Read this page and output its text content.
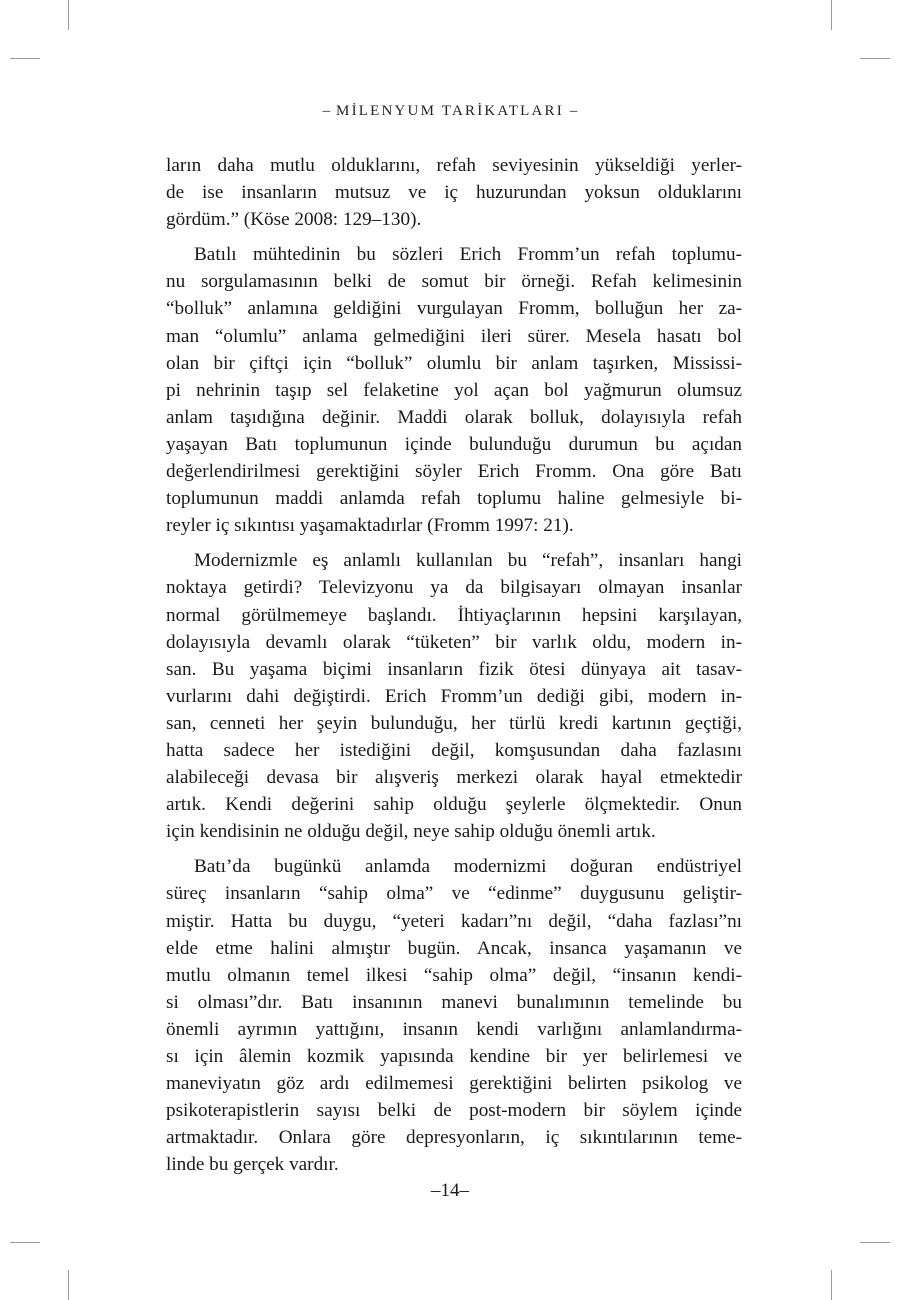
– MİLENYUM TARİKATLARI –

ların daha mutlu olduklarını, refah seviyesinin yükseldiği yerler-
de ise insanların mutsuz ve iç huzurundan yoksun olduklarını
gördüm.” (Köse 2008: 129–130).

Batılı mühtedinin bu sözleri Erich Fromm’un refah toplumu-
nu sorgulamasının belki de somut bir örneği. Refah kelimesinin
“bolluk” anlamına geldiğini vurgulayan Fromm, bolluğun her za-
man “olumlu” anlama gelmediğini ileri sürer. Mesela hasatı bol
olan bir çiftçi için “bolluk” olumlu bir anlam taşırken, Mississi-
pi nehrinin taşıp sel felaketine yol açan bol yağmurun olumsuz
anlam taşıdığına değinir. Maddi olarak bolluk, dolayısıyla refah
yaşayan Batı toplumunun içinde bulunduğu durumun bu açıdan
değerlendirilmesi gerektiğini söyler Erich Fromm. Ona göre Batı
toplumunun maddi anlamda refah toplumu haline gelmesiyle bi-
reyler iç sıkıntısı yaşamaktadırlar (Fromm 1997: 21).

Modernizmle eş anlamlı kullanılan bu “refah”, insanları hangi
noktaya getirdi? Televizyonu ya da bilgisayarı olmayan insanlar
normal görülmemeye başlandı. İhtiyaçlarının hepsini karşılayan,
dolayısıyla devamlı olarak “tüketen” bir varlık oldu, modern in-
san. Bu yaşama biçimi insanların fizik ötesi dünyaya ait tasav-
vurlarını dahi değiştirdi. Erich Fromm’un dediği gibi, modern in-
san, cenneti her şeyin bulunduğu, her türlü kredi kartının geçtiği,
hatta sadece her istediğini değil, komşusundan daha fazlasını
alabileceği devasa bir alışveriş merkezi olarak hayal etmektedir
artık. Kendi değerini sahip olduğu şeylerle ölçmektedir. Onun
için kendisinin ne olduğu değil, neye sahip olduğu önemli artık.

Batı’da bugünkü anlamda modernizmi doğuran endüstriyel
süreç insanların “sahip olma” ve “edinme” duygusunu geliştir-
miştir. Hatta bu duygu, “yeteri kadarı”nı değil, “daha fazlası”nı
elde etme halini almıştır bugün. Ancak, insanca yaşamanın ve
mutlu olmanın temel ilkesi “sahip olma” değil, “insanın kendi-
si olması”dır. Batı insanının manevi bunalımının temelinde bu
önemli ayrımın yattığını, insanın kendi varlığını anlamlandırma-
sı için âlemin kozmik yapısında kendine bir yer belirlemesi ve
maneviyatın göz ardı edilmemesi gerektiğini belirten psikolog ve
psikoterapistlerin sayısı belki de post-modern bir söylem içinde
artmaktadır. Onlara göre depresyonların, iç sıkıntılarının teme-
linde bu gerçek vardır.

–14–
